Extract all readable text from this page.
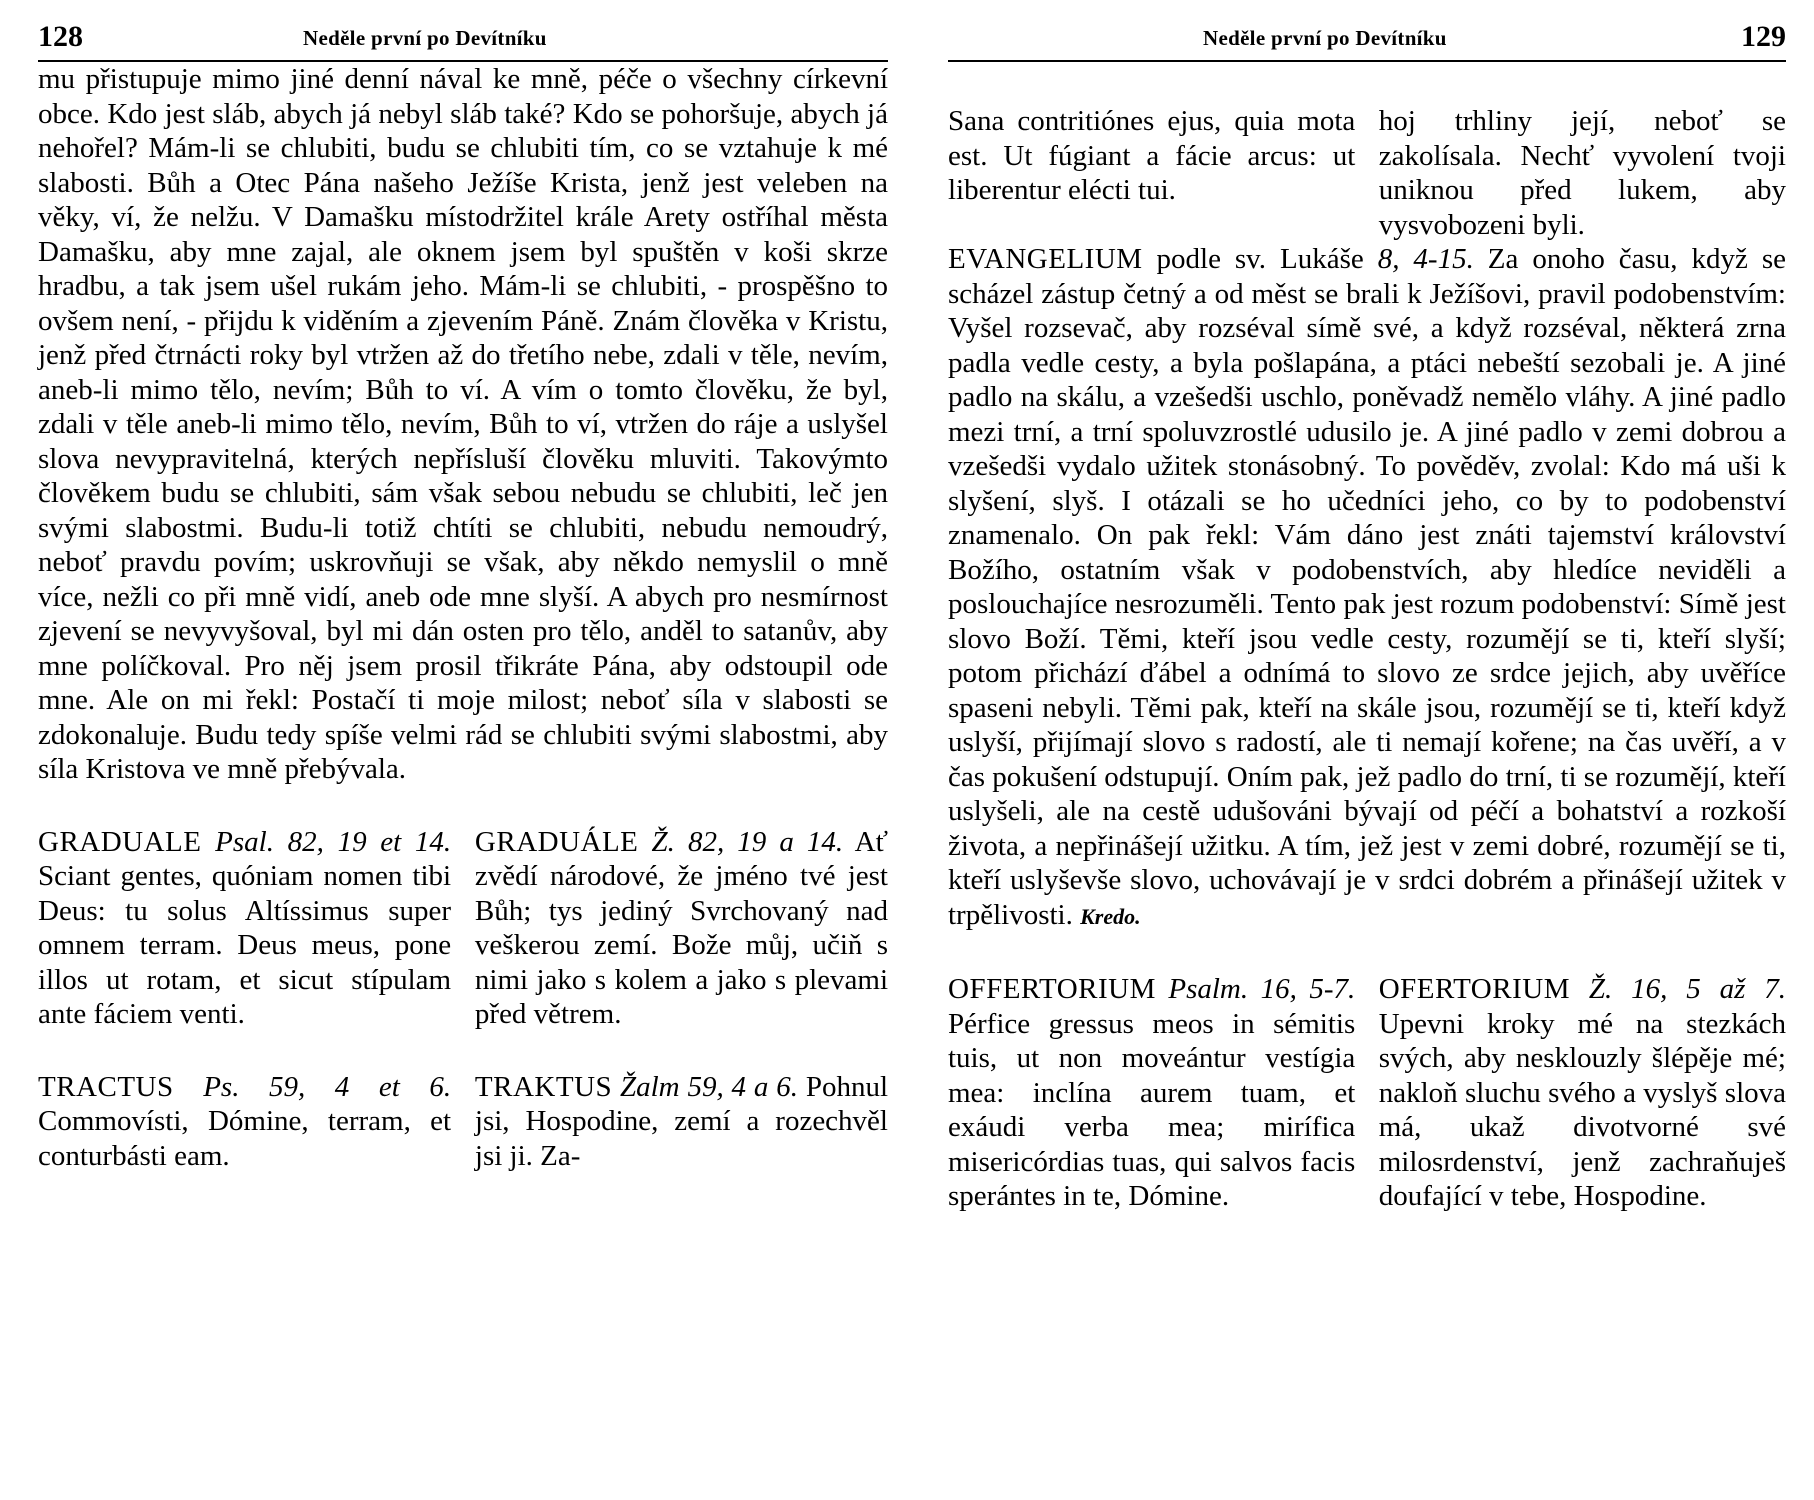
128	Neděle první po Devítníku

mu přistupuje mimo jiné denní nával ke mně, péče o všechny církevní obce. Kdo jest sláb, abych já nebyl sláb také? Kdo se pohoršuje, abych já nehořel? Mám-li se chlubiti, budu se chlubiti tím, co se vztahuje k mé slabosti. Bůh a Otec Pána našeho Ježíše Krista, jenž jest veleben na věky, ví, že nelžu. V Damašku místodržitel krále Arety ostříhal města Damašku, aby mne zajal, ale oknem jsem byl spuštěn v koši skrze hradbu, a tak jsem ušel rukám jeho. Mám-li se chlubiti, - prospěšno to ovšem není, - přijdu k viděním a zjevením Páně. Znám člověka v Kristu, jenž před čtrnácti roky byl vtržen až do třetího nebe, zdali v těle, nevím, aneb-li mimo tělo, nevím; Bůh to ví. A vím o tomto člověku, že byl, zdali v těle aneb-li mimo tělo, nevím, Bůh to ví, vtržen do ráje a uslyšel slova nevypravitelná, kterých nepřísluší člověku mluviti. Takovýmto člověkem budu se chlubiti, sám však sebou nebudu se chlubiti, leč jen svými slabostmi. Budu-li totiž chtíti se chlubiti, nebudu nemoudrý, neboť pravdu povím; uskrovňuji se však, aby někdo nemyslil o mně více, nežli co při mně vidí, aneb ode mne slyší. A abych pro nesmírnost zjevení se nevyvyšoval, byl mi dán osten pro tělo, anděl to satanův, aby mne políčkoval. Pro něj jsem prosil třikráte Pána, aby odstoupil ode mne. Ale on mi řekl: Postačí ti moje milost; neboť síla v slabosti se zdokonaluje. Budu tedy spíše velmi rád se chlubiti svými slabostmi, aby síla Kristova ve mně přebývala.

GRADUALE Psal. 82, 19 et 14. Sciant gentes, quóniam nomen tibi Deus: tu solus Altíssimus super omnem terram. Deus meus, pone illos ut rotam, et sicut stípulam ante fáciem venti.
GRADUÁLE Ž. 82, 19 a 14. Ať zvědí národové, že jméno tvé jest Bůh; tys jediný Svrchovaný nad veškerou zemí. Bože můj, učiň s nimi jako s kolem a jako s plevami před větrem.
TRACTUS Ps. 59, 4 et 6. Commovísti, Dómine, terram, et conturbásti eam.
TRAKTUS Žalm 59, 4 a 6. Pohnul jsi, Hospodine, zemí a rozechvěl jsi ji. Za-
Neděle první po Devítníku	129
Sana contritiónes ejus, quia mota est. Ut fúgiant a fácie arcus: ut liberentur elécti tui.
hoj trhliny její, neboť se zakolísala. Nechť vyvolení tvoji uniknou před lukem, aby vysvobozeni byli.

EVANGELIUM podle sv. Lukáše 8, 4-15. Za onoho času, když se scházel zástup četný a od měst se brali k Ježíšovi, pravil podobenstvím: Vyšel rozsevač, aby rozséval símě své, a když rozséval, některá zrna padla vedle cesty, a byla pošlapána, a ptáci nebeští sezobali je. A jiné padlo na skálu, a vzešedši uschlo, poněvadž nemělo vláhy. A jiné padlo mezi trní, a trní spoluvzrostlé udusilo je. A jiné padlo v zemi dobrou a vzešedši vydalo užitek stonásobný. To pověděv, zvolal: Kdo má uši k slyšení, slyš. I otázali se ho učedníci jeho, co by to podobenství znamenalo. On pak řekl: Vám dáno jest znáti tajemství království Božího, ostatním však v podobenstvích, aby hledíce neviděli a poslouchajíce nesrozuměli. Tento pak jest rozum podobenství: Símě jest slovo Boží. Těmi, kteří jsou vedle cesty, rozumějí se ti, kteří slyší; potom přichází ďábel a odnímá to slovo ze srdce jejich, aby uvěříce spaseni nebyli. Těmi pak, kteří na skále jsou, rozumějí se ti, kteří když uslyší, přijímají slovo s radostí, ale ti nemají kořene; na čas uvěří, a v čas pokušení odstupují. Oním pak, jež padlo do trní, ti se rozumějí, kteří uslyšeli, ale na cestě udušováni bývají od péčí a bohatství a rozkoší života, a nepřinášejí užitku. A tím, jež jest v zemi dobré, rozumějí se ti, kteří uslyševše slovo, uchovávají je v srdci dobrém a přinášejí užitek v trpělivosti. Kredo.

OFFERTORIUM Psalm. 16, 5-7. Pérfice gressus meos in sémitis tuis, ut non moveántur vestígia mea: inclína aurem tuam, et exáudi verba mea; mirífica misericórdias tuas, qui salvos facis sperántes in te, Dómine.
OFERTORIUM Ž. 16, 5 až 7. Upevni kroky mé na stezkách svých, aby nesklouzly šlépěje mé; nakloň sluchu svého a vyslyš slova má, ukaž divotvorné své milosrdenství, jenž zachraňuješ doufající v tebe, Hospodine.
